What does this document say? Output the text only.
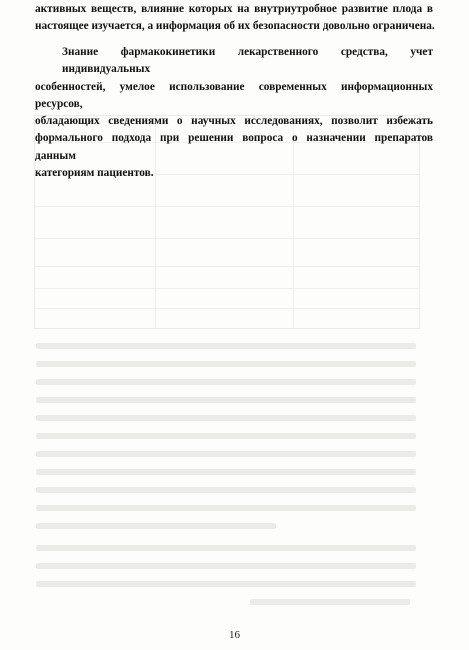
активных веществ, влияние которых на внутриутробное развитие плода в
настоящее изучается, а информация об их безопасности довольно ограничена.
Знание фармакокинетики лекарственного средства, учет индивидуальных
особенностей, умелое использование современных информационных ресурсов,
обладающих сведениями о научных исследованиях, позволит избежать
формального подхода при решении вопроса о назначении препаратов данным
категориям пациентов.
16
